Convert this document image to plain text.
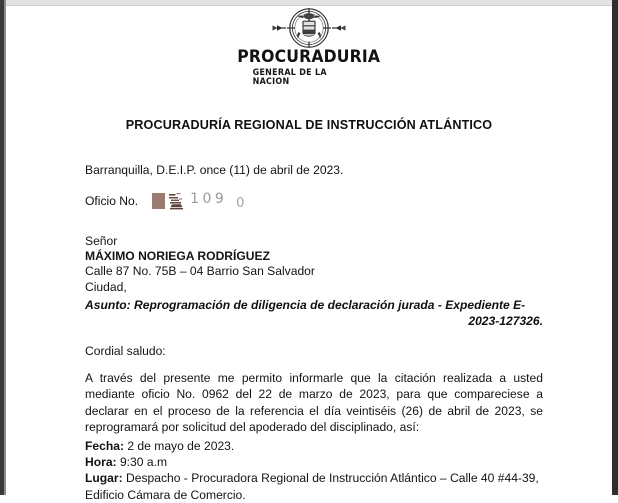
PROCURADURIA
GENERAL DE LA NACION
PROCURADURÍA REGIONAL DE INSTRUCCIÓN ATLÁNTICO
Barranquilla, D.E.I.P. once (11) de abril de 2023.
Oficio No.	109 0
Señor
MÁXIMO NORIEGA RODRÍGUEZ
Calle 87 No. 75B – 04 Barrio San Salvador
Ciudad,
Asunto: Reprogramación de diligencia de declaración jurada - Expediente E-
2023-127326.
Cordial saludo:
A través del presente me permito informarle que la citación realizada a usted mediante oficio No. 0962 del 22 de marzo de 2023, para que compareciese a declarar en el proceso de la referencia el día veintiséis (26) de abril de 2023, se reprogramará por solicitud del apoderado del disciplinado, así:
Fecha: 2 de mayo de 2023.
Hora: 9:30 a.m
Lugar: Despacho - Procuradora Regional de Instrucción Atlántico – Calle 40 #44-39, Edificio Cámara de Comercio.
